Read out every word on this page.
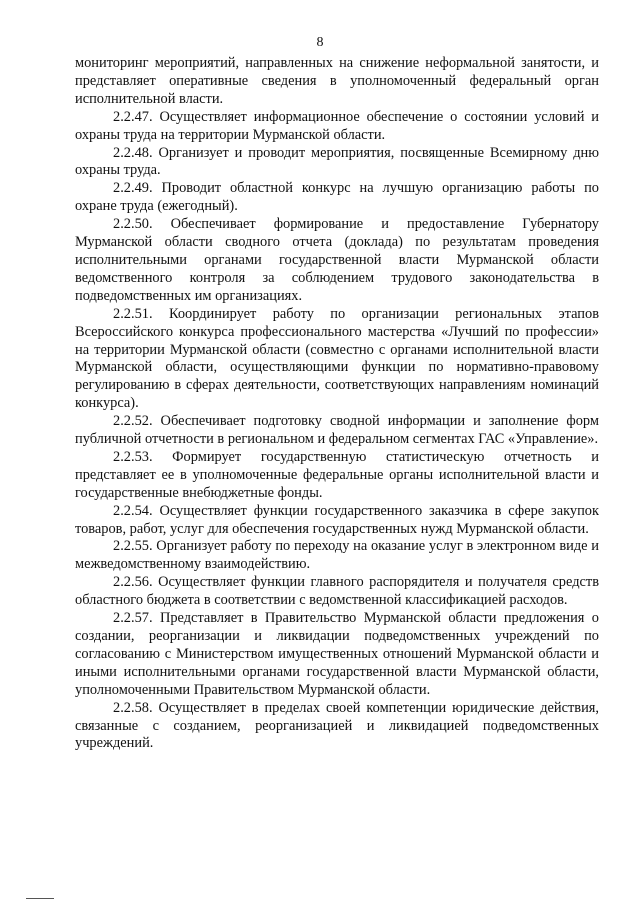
8

мониторинг мероприятий, направленных на снижение неформальной занятости, и представляет оперативные сведения в уполномоченный федеральный орган исполнительной власти.

2.2.47. Осуществляет информационное обеспечение о состоянии условий и охраны труда на территории Мурманской области.

2.2.48. Организует и проводит мероприятия, посвященные Всемирному дню охраны труда.

2.2.49. Проводит областной конкурс на лучшую организацию работы по охране труда (ежегодный).

2.2.50. Обеспечивает формирование и предоставление Губернатору Мурманской области сводного отчета (доклада) по результатам проведения исполнительными органами государственной власти Мурманской области ведомственного контроля за соблюдением трудового законодательства в подведомственных им организациях.

2.2.51. Координирует работу по организации региональных этапов Всероссийского конкурса профессионального мастерства «Лучший по профессии» на территории Мурманской области (совместно с органами исполнительной власти Мурманской области, осуществляющими функции по нормативно-правовому регулированию в сферах деятельности, соответствующих направлениям номинаций конкурса).

2.2.52. Обеспечивает подготовку сводной информации и заполнение форм публичной отчетности в региональном и федеральном сегментах ГАС «Управление».

2.2.53. Формирует государственную статистическую отчетность и представляет ее в уполномоченные федеральные органы исполнительной власти и государственные внебюджетные фонды.

2.2.54. Осуществляет функции государственного заказчика в сфере закупок товаров, работ, услуг для обеспечения государственных нужд Мурманской области.

2.2.55. Организует работу по переходу на оказание услуг в электронном виде и межведомственному взаимодействию.

2.2.56. Осуществляет функции главного распорядителя и получателя средств областного бюджета в соответствии с ведомственной классификацией расходов.

2.2.57. Представляет в Правительство Мурманской области предложения о создании, реорганизации и ликвидации подведомственных учреждений по согласованию с Министерством имущественных отношений Мурманской области и иными исполнительными органами государственной власти Мурманской области, уполномоченными Правительством Мурманской области.

2.2.58. Осуществляет в пределах своей компетенции юридические действия, связанные с созданием, реорганизацией и ликвидацией подведомственных учреждений.
